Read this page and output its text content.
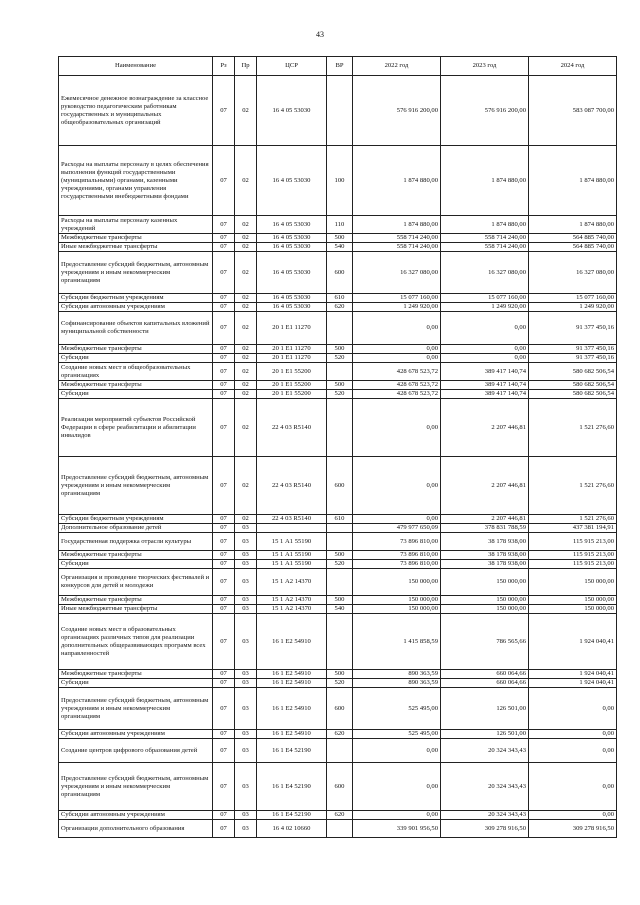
43
Наименование	Рз	Пр	ЦСР	ВР	2022 год	2023 год	2024 год
Ежемесячное денежное вознаграждение за классное руководство педагогическим работникам государственных и муниципальных общеобразовательных организаций	07	02	16 4 05 53030		576 916 200,00	576 916 200,00	583 087 700,00
Расходы на выплаты персоналу в целях обеспечения выполнения функций государственными (муниципальными) органами, казенными учреждениями, органами управления государственными внебюджетными фондами	07	02	16 4 05 53030	100	1 874 880,00	1 874 880,00	1 874 880,00
Расходы на выплаты персоналу казенных учреждений	07	02	16 4 05 53030	110	1 874 880,00	1 874 880,00	1 874 880,00
Межбюджетные трансферты	07	02	16 4 05 53030	500	558 714 240,00	558 714 240,00	564 885 740,00
Иные межбюджетные трансферты	07	02	16 4 05 53030	540	558 714 240,00	558 714 240,00	564 885 740,00
Предоставление субсидий бюджетным, автономным учреждениям и иным некоммерческим организациям	07	02	16 4 05 53030	600	16 327 080,00	16 327 080,00	16 327 080,00
Субсидии бюджетным учреждениям	07	02	16 4 05 53030	610	15 077 160,00	15 077 160,00	15 077 160,00
Субсидии автономным учреждениям	07	02	16 4 05 53030	620	1 249 920,00	1 249 920,00	1 249 920,00
Софинансирование объектов капитальных вложений муниципальной собственности	07	02	20 1 Е1 11270		0,00	0,00	91 377 450,16
Межбюджетные трансферты	07	02	20 1 Е1 11270	500	0,00	0,00	91 377 450,16
Субсидии	07	02	20 1 Е1 11270	520	0,00	0,00	91 377 450,16
Создание новых мест в общеобразовательных организациях	07	02	20 1 Е1 55200		428 678 523,72	389 417 140,74	580 682 506,54
Межбюджетные трансферты	07	02	20 1 Е1 55200	500	428 678 523,72	389 417 140,74	580 682 506,54
Субсидии	07	02	20 1 Е1 55200	520	428 678 523,72	389 417 140,74	580 682 506,54
Реализация мероприятий субъектов Российской Федерации в сфере реабилитации и абилитации инвалидов	07	02	22 4 03 R5140		0,00	2 207 446,81	1 521 276,60
Предоставление субсидий бюджетным, автономным учреждениям и иным некоммерческим организациям	07	02	22 4 03 R5140	600	0,00	2 207 446,81	1 521 276,60
Субсидии бюджетным учреждениям	07	02	22 4 03 R5140	610	0,00	2 207 446,81	1 521 276,60
Дополнительное образование детей	07	03			479 977 650,09	378 831 788,59	437 381 194,91
Государственная поддержка отрасли культуры	07	03	15 1 А1 55190		73 896 810,00	38 178 938,00	115 915 213,00
Межбюджетные трансферты	07	03	15 1 А1 55190	500	73 896 810,00	38 178 938,00	115 915 213,00
Субсидии	07	03	15 1 А1 55190	520	73 896 810,00	38 178 938,00	115 915 213,00
Организация и проведение творческих фестивалей и конкурсов для детей и молодежи	07	03	15 1 А2 14370		150 000,00	150 000,00	150 000,00
Межбюджетные трансферты	07	03	15 1 А2 14370	500	150 000,00	150 000,00	150 000,00
Иные межбюджетные трансферты	07	03	15 1 А2 14370	540	150 000,00	150 000,00	150 000,00
Создание новых мест в образовательных организациях различных типов для реализации дополнительных общеразвивающих программ всех направленностей	07	03	16 1 Е2 54910		1 415 858,59	786 565,66	1 924 040,41
Межбюджетные трансферты	07	03	16 1 Е2 54910	500	890 363,59	660 064,66	1 924 040,41
Субсидии	07	03	16 1 Е2 54910	520	890 363,59	660 064,66	1 924 040,41
Предоставление субсидий бюджетным, автономным учреждениям и иным некоммерческим организациям	07	03	16 1 Е2 54910	600	525 495,00	126 501,00	0,00
Субсидии автономным учреждениям	07	03	16 1 Е2 54910	620	525 495,00	126 501,00	0,00
Создание центров цифрового образования детей	07	03	16 1 Е4 52190		0,00	20 324 343,43	0,00
Предоставление субсидий бюджетным, автономным учреждениям и иным некоммерческим организациям	07	03	16 1 Е4 52190	600	0,00	20 324 343,43	0,00
Субсидии автономным учреждениям	07	03	16 1 Е4 52190	620	0,00	20 324 343,43	0,00
Организации дополнительного образования	07	03	16 4 02 10660		339 901 956,50	309 278 916,50	309 278 916,50
